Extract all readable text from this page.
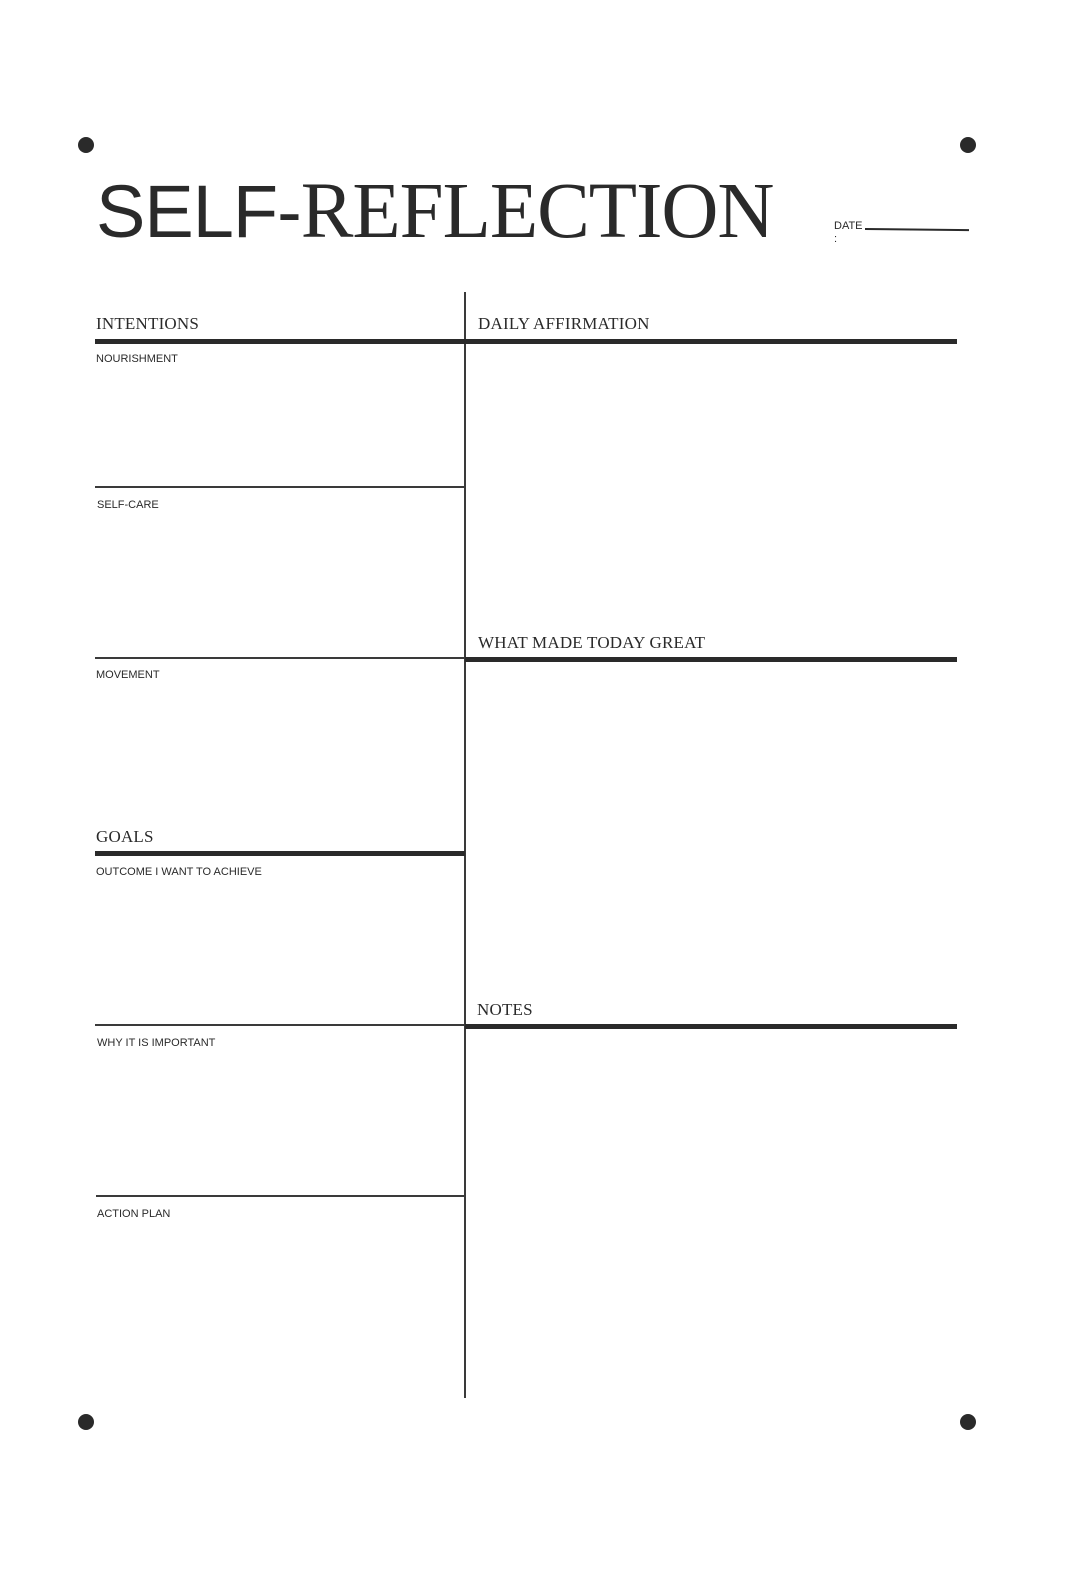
SELF-REFLECTION	DATE
:
INTENTIONS
NOURISHMENT
SELF-CARE
MOVEMENT
GOALS
OUTCOME I WANT TO ACHIEVE
WHY IT IS IMPORTANT
ACTION PLAN
DAILY AFFIRMATION
WHAT MADE TODAY GREAT
NOTES
